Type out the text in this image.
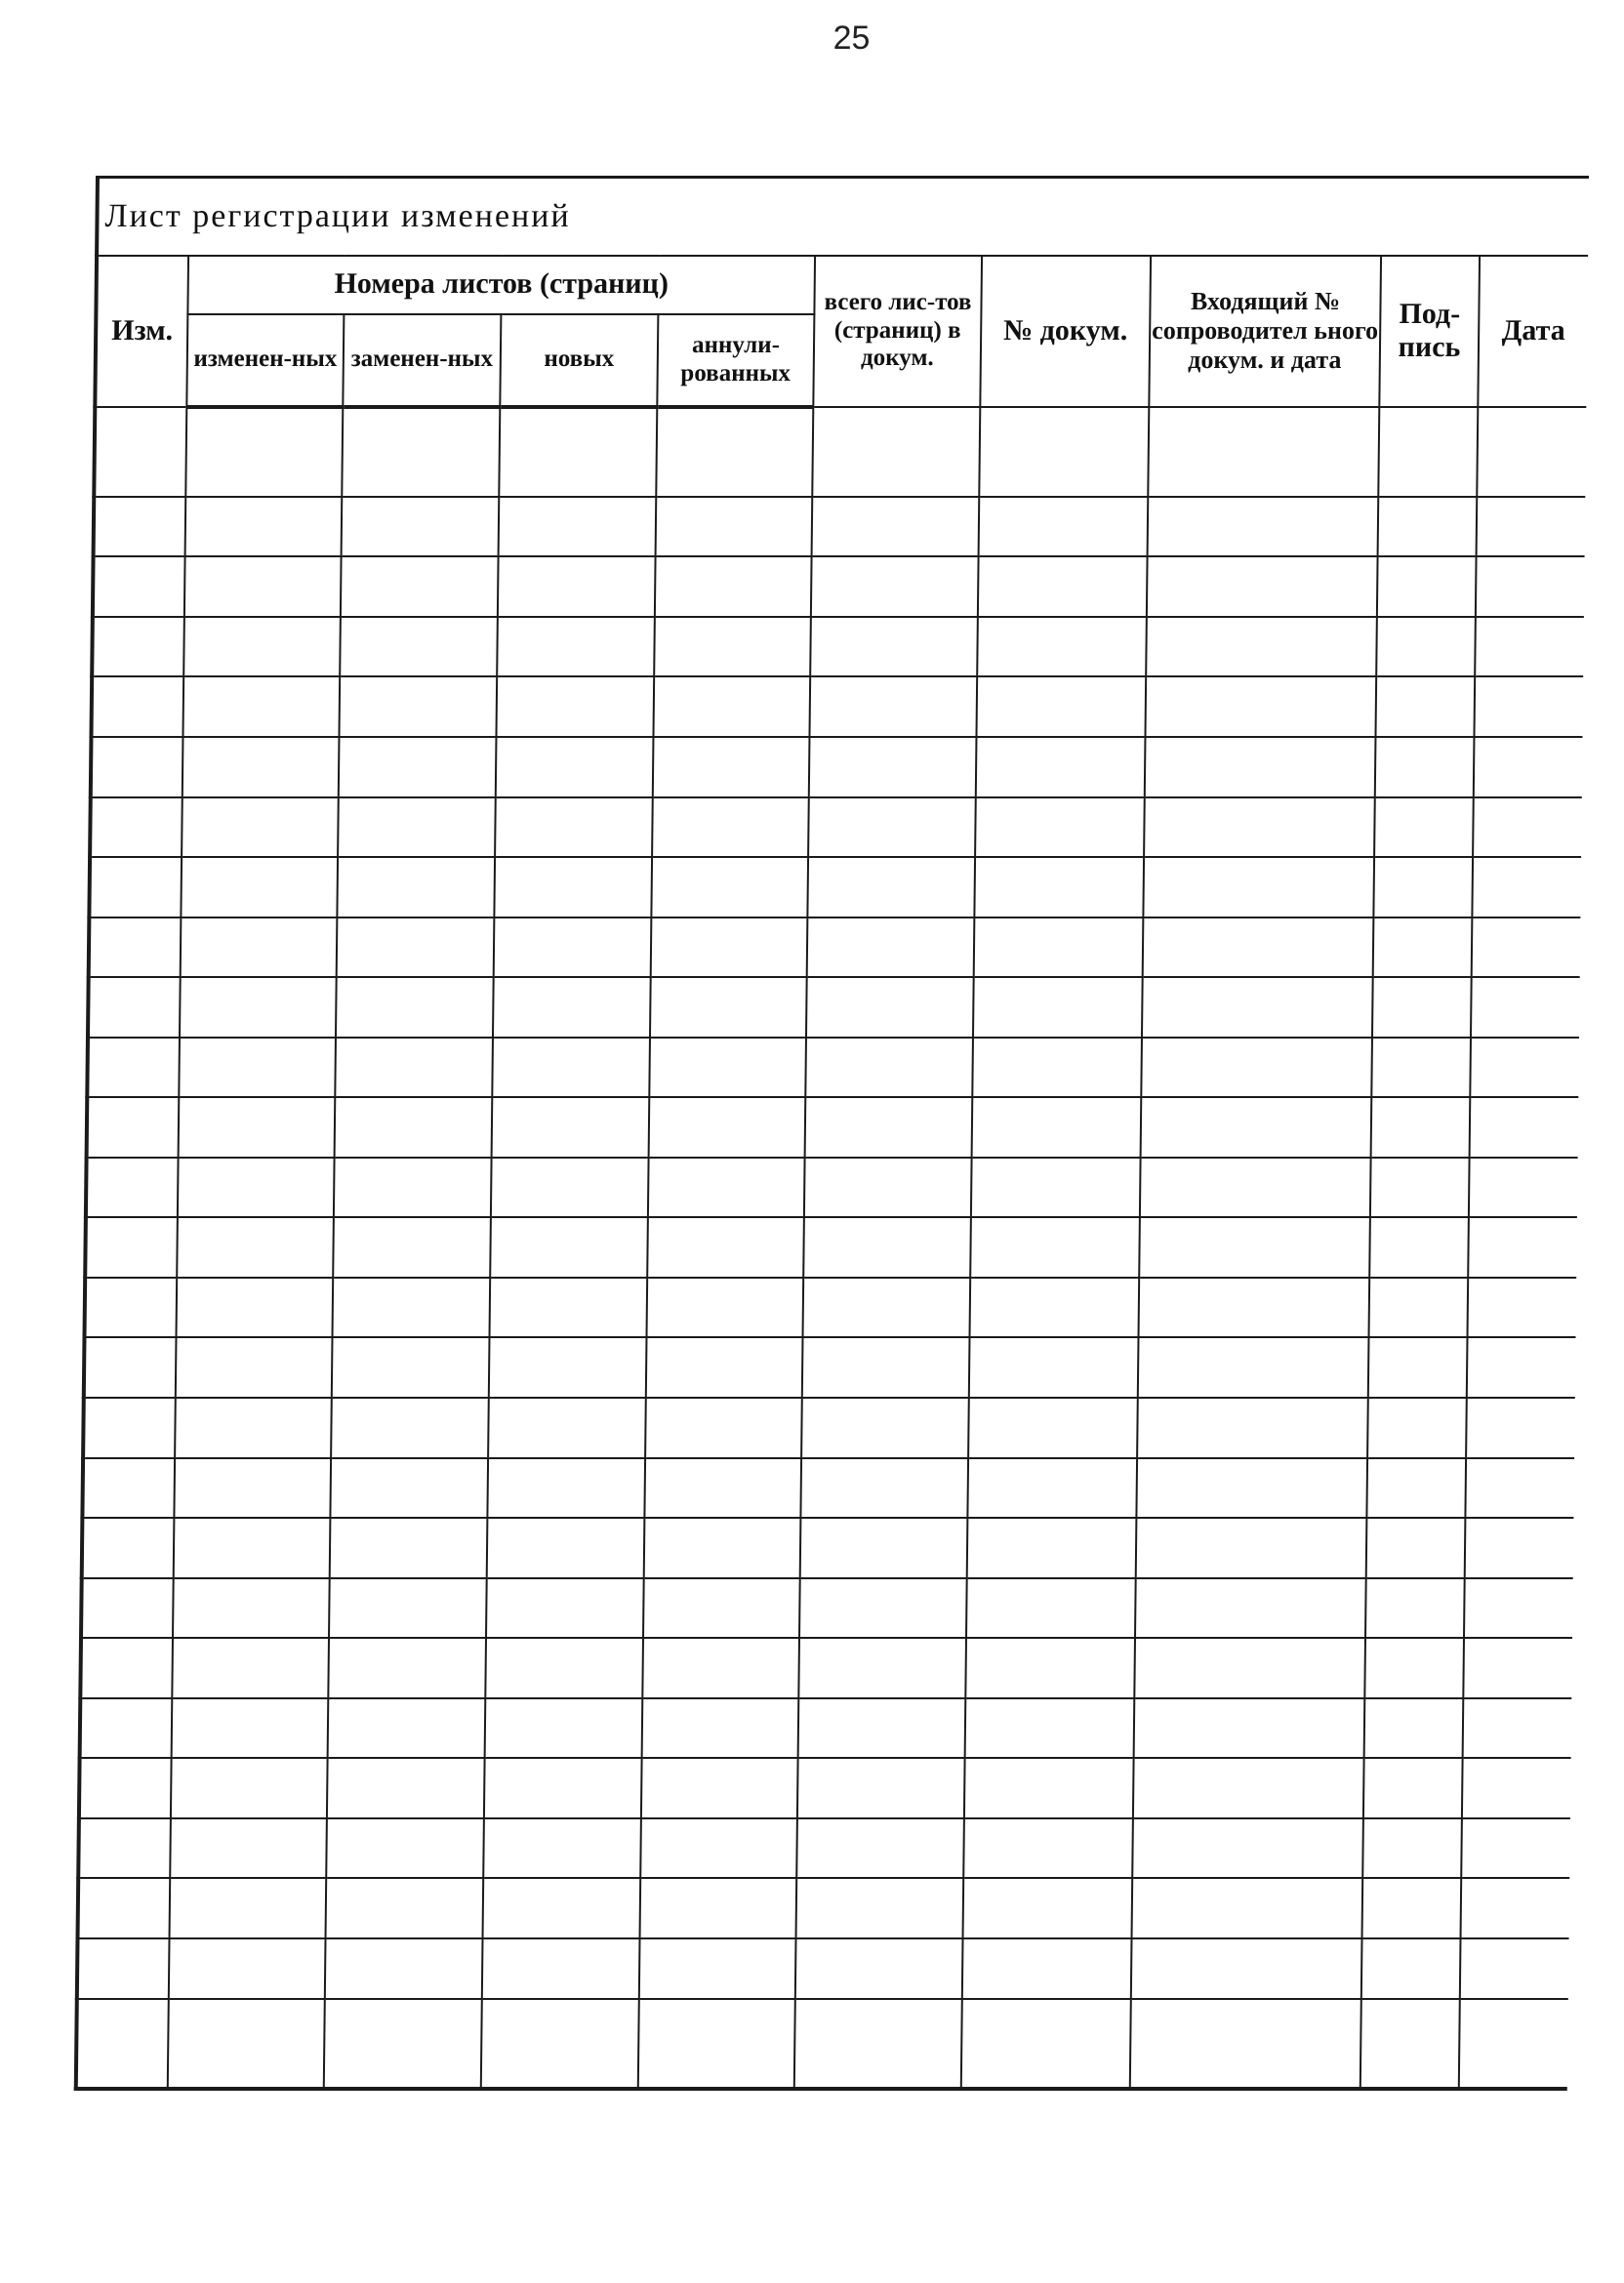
25
Лист регистрации изменений									
Изм.	Номера листов (страниц)				всего лис-тов (страниц) в докум.	№ докум.	Входящий № сопроводител ьного докум. и дата	Под-пись	Дата
	изменен-ных	заменен-ных	новых	аннули-рованных					
